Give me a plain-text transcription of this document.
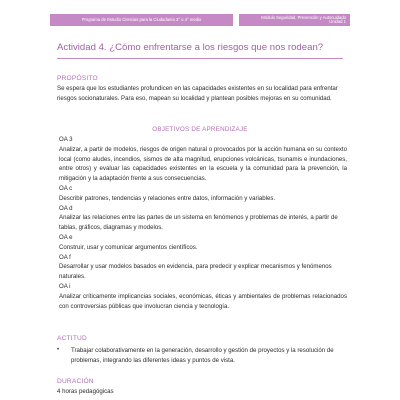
Programa de Estudio Ciencias para la Ciudadanía 3° o 4° medio	Módulo Seguridad, Prevención y Autocuidado
Unidad 1
Actividad 4. ¿Cómo enfrentarse a los riesgos que nos rodean?
PROPÓSITO

Se espera que los estudiantes profundicen en las capacidades existentes en su localidad para enfrentar riesgos socionaturales. Para eso, mapean su localidad y plantean posibles mejoras en su comunidad.

OBJETIVOS DE APRENDIZAJE

OA 3

Analizar, a partir de modelos, riesgos de origen natural o provocados por la acción humana en su contexto local (como aludes, incendios, sismos de alta magnitud, erupciones volcánicas, tsunamis e inundaciones, entre otros) y evaluar las capacidades existentes en la escuela y la comunidad para la prevención, la mitigación y la adaptación frente a sus consecuencias.

OA c

Describir patrones, tendencias y relaciones entre datos, información y variables.

OA d

Analizar las relaciones entre las partes de un sistema en fenómenos y problemas de interés, a partir de tablas, gráficos, diagramas y modelos.

OA e

Construir, usar y comunicar argumentos científicos.

OA f

Desarrollar y usar modelos basados en evidencia, para predecir y explicar mecanismos y fenómenos naturales.

OA i

Analizar críticamente implicancias sociales, económicas, éticas y ambientales de problemas relacionados con controversias públicas que involucran ciencia y tecnología.

ACTITUD
•	Trabajar colaborativamente en la generación, desarrollo y gestión de proyectos y la resolución de problemas, integrando las diferentes ideas y puntos de vista.
DURACIÓN

4 horas pedagógicas
